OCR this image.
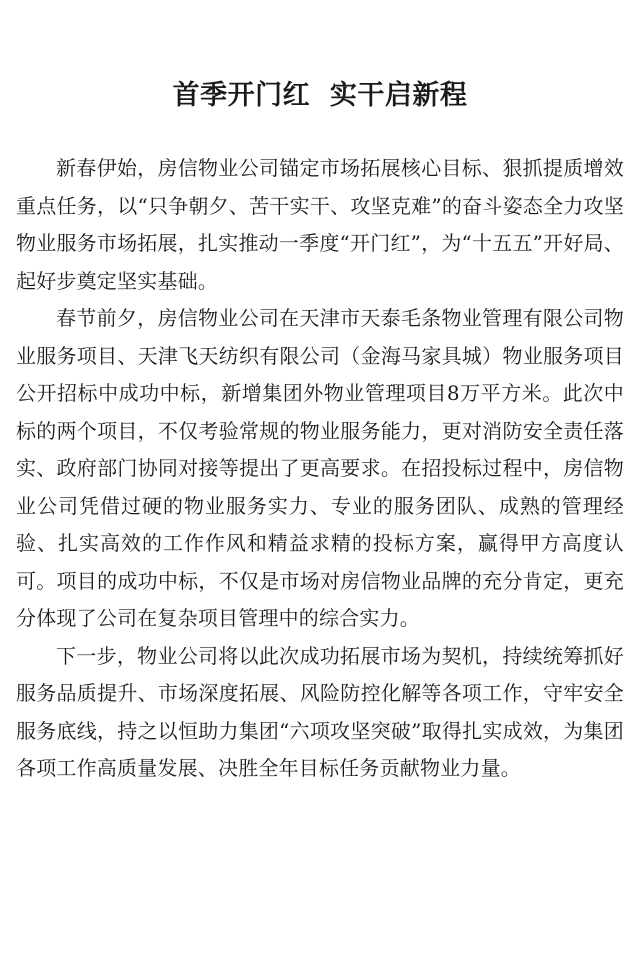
首季开门红  实干启新程

新春伊始，房信物业公司锚定市场拓展核心目标、狠抓提质增效重点任务，以“只争朝夕、苦干实干、攻坚克难”的奋斗姿态全力攻坚物业服务市场拓展，扎实推动一季度“开门红”，为“十五五”开好局、起好步奠定坚实基础。

春节前夕，房信物业公司在天津市天泰毛条物业管理有限公司物业服务项目、天津飞天纺织有限公司（金海马家具城）物业服务项目公开招标中成功中标，新增集团外物业管理项目8万平方米。此次中标的两个项目，不仅考验常规的物业服务能力，更对消防安全责任落实、政府部门协同对接等提出了更高要求。在招投标过程中，房信物业公司凭借过硬的物业服务实力、专业的服务团队、成熟的管理经验、扎实高效的工作作风和精益求精的投标方案，赢得甲方高度认可。项目的成功中标，不仅是市场对房信物业品牌的充分肯定，更充分体现了公司在复杂项目管理中的综合实力。

下一步，物业公司将以此次成功拓展市场为契机，持续统筹抓好服务品质提升、市场深度拓展、风险防控化解等各项工作，守牢安全服务底线，持之以恒助力集团“六项攻坚突破”取得扎实成效，为集团各项工作高质量发展、决胜全年目标任务贡献物业力量。
